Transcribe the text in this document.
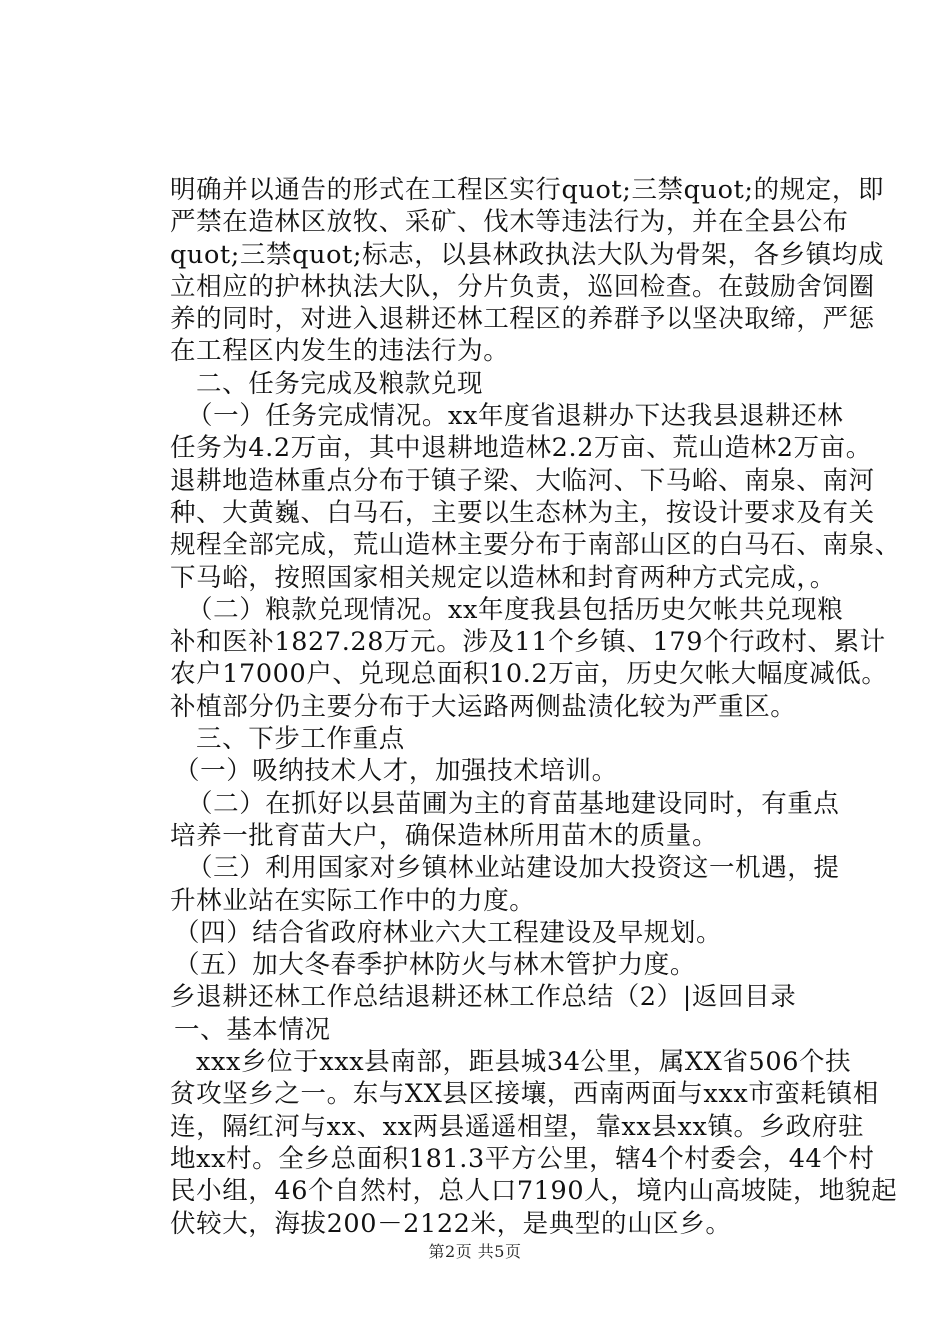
明确并以通告的形式在工程区实行quot;三禁quot;的规定，即
严禁在造林区放牧、采矿、伐木等违法行为，并在全县公布
quot;三禁quot;标志，以县林政执法大队为骨架，各乡镇均成
立相应的护林执法大队，分片负责，巡回检查。在鼓励舍饲圈
养的同时，对进入退耕还林工程区的养群予以坚决取缔，严惩
在工程区内发生的违法行为。
二、任务完成及粮款兑现
（一）任务完成情况。xx年度省退耕办下达我县退耕还林
任务为4.2万亩，其中退耕地造林2.2万亩、荒山造林2万亩。
退耕地造林重点分布于镇子梁、大临河、下马峪、南泉、南河
种、大黄巍、白马石，主要以生态林为主，按设计要求及有关
规程全部完成，荒山造林主要分布于南部山区的白马石、南泉、
下马峪，按照国家相关规定以造林和封育两种方式完成，。
（二）粮款兑现情况。xx年度我县包括历史欠帐共兑现粮
补和医补1827.28万元。涉及11个乡镇、179个行政村、累计
农户17000户、兑现总面积10.2万亩，历史欠帐大幅度减低。
补植部分仍主要分布于大运路两侧盐渍化较为严重区。
三、下步工作重点
（一）吸纳技术人才，加强技术培训。
（二）在抓好以县苗圃为主的育苗基地建设同时，有重点
培养一批育苗大户，确保造林所用苗木的质量。
（三）利用国家对乡镇林业站建设加大投资这一机遇，提
升林业站在实际工作中的力度。
（四）结合省政府林业六大工程建设及早规划。
（五）加大冬春季护林防火与林木管护力度。
乡退耕还林工作总结退耕还林工作总结（2）|返回目录
一、基本情况
xxx乡位于xxx县南部，距县城34公里，属XX省506个扶
贫攻坚乡之一。东与XX县区接壤，西南两面与xxx市蛮耗镇相
连，隔红河与xx、xx两县遥遥相望，靠xx县xx镇。乡政府驻
地xx村。全乡总面积181.3平方公里，辖4个村委会，44个村
民小组，46个自然村，总人口7190人，境内山高坡陡，地貌起
伏较大，海拔200－2122米，是典型的山区乡。
第2页 共5页
